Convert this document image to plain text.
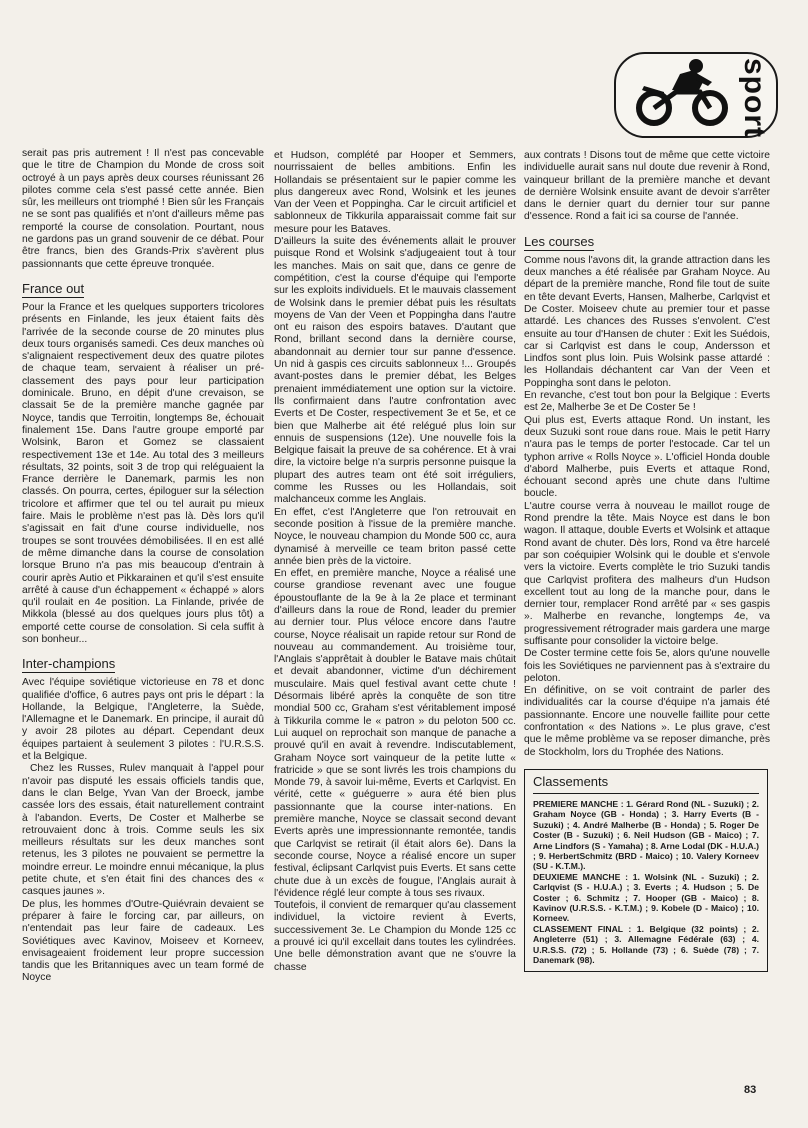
sport

serait pas pris autrement ! Il n'est pas concevable que le titre de Champion du Monde de cross soit octroyé à un pays après deux courses réunissant 26 pilotes comme cela s'est passé cette année. Bien sûr, les meilleurs ont triomphé ! Bien sûr les Français ne se sont pas qualifiés et n'ont d'ailleurs même pas remporté la course de consolation. Pourtant, nous ne gardons pas un grand souvenir de ce débat. Pour être francs, bien des Grands-Prix s'avèrent plus passionnants que cette épreuve tronquée.

France out

Pour la France et les quelques supporters tricolores présents en Finlande, les jeux étaient faits dès l'arrivée de la seconde course de 20 minutes plus deux tours organisés samedi. Ces deux manches où s'alignaient respectivement deux des quatre pilotes de chaque team, servaient à réaliser un pré-classement des pays pour leur participation dominicale. Bruno, en dépit d'une crevaison, se classait 5e de la première manche gagnée par Noyce, tandis que Terroitin, longtemps 8e, échouait finalement 15e. Dans l'autre groupe emporté par Wolsink, Baron et Gomez se classaient respectivement 13e et 14e. Au total des 3 meilleurs résultats, 32 points, soit 3 de trop qui reléguaient la France derrière le Danemark, parmis les non classés. On pourra, certes, épiloguer sur la sélection tricolore et affirmer que tel ou tel aurait pu mieux faire. Mais le problème n'est pas là. Dès lors qu'il s'agissait en fait d'une course individuelle, nos troupes se sont trouvées démobilisées. Il en est allé de même dimanche dans la course de consolation lorsque Bruno n'a pas mis beaucoup d'entrain à courir après Autio et Pikkarainen et qu'il s'est ensuite arrêté à cause d'un échappement « échappé » alors qu'il roulait en 4e position. La Finlande, privée de Mikkola (blessé au dos quelques jours plus tôt) a emporté cette course de consolation. Si cela suffit à son bonheur...

Inter-champions

Avec l'équipe soviétique victorieuse en 78 et donc qualifiée d'office, 6 autres pays ont pris le départ : la Hollande, la Belgique, l'Angleterre, la Suède, l'Allemagne et le Danemark. En principe, il aurait dû y avoir 28 pilotes au départ. Cependant deux équipes partaient à seulement 3 pilotes : l'U.R.S.S. et la Belgique.

Chez les Russes, Rulev manquait à l'appel pour n'avoir pas disputé les essais officiels tandis que, dans le clan Belge, Yvan Van der Broeck, jambe cassée lors des essais, était naturellement contraint à l'abandon. Everts, De Coster et Malherbe se retrouvaient donc à trois. Comme seuls les six meilleurs résultats sur les deux manches sont retenus, les 3 pilotes ne pouvaient se permettre la moindre erreur. Le moindre ennui mécanique, la plus petite chute, et s'en était fini des chances des « casques jaunes ».

De plus, les hommes d'Outre-Quiévrain devaient se préparer à faire le forcing car, par ailleurs, on n'entendait pas leur faire de cadeaux. Les Soviétiques avec Kavinov, Moiseev et Korneev, envisageaient froidement leur propre succession tandis que les Britanniques avec un team formé de Noyce

et Hudson, complété par Hooper et Semmers, nourrissaient de belles ambitions. Enfin les Hollandais se présentaient sur le papier comme les plus dangereux avec Rond, Wolsink et les jeunes Van der Veen et Poppingha. Car le circuit artificiel et sablonneux de Tikkurila apparaissait comme fait sur mesure pour les Bataves.

D'ailleurs la suite des événements allait le prouver puisque Rond et Wolsink s'adjugeaient tout à tour les manches. Mais on sait que, dans ce genre de compétition, c'est la course d'équipe qui l'emporte sur les exploits individuels. Et le mauvais classement de Wolsink dans le premier débat puis les résultats moyens de Van der Veen et Poppingha dans l'autre ont eu raison des espoirs bataves. D'autant que Rond, brillant second dans la dernière course, abandonnait au dernier tour sur panne d'essence. Un nid à gaspis ces circuits sablonneux !... Groupés avant-postes dans le premier débat, les Belges prenaient immédiatement une option sur la victoire. Ils confirmaient dans l'autre confrontation avec Everts et De Coster, respectivement 3e et 5e, et ce bien que Malherbe ait été relégué plus loin sur ennuis de suspensions (12e). Une nouvelle fois la Belgique faisait la preuve de sa cohérence. Et à vrai dire, la victoire belge n'a surpris personne puisque la plupart des autres team ont été soit irréguliers, comme les Russes ou les Hollandais, soit malchanceux comme les Anglais.

En effet, c'est l'Angleterre que l'on retrouvait en seconde position à l'issue de la première manche. Noyce, le nouveau champion du Monde 500 cc, aura dynamisé à merveille ce team briton passé cette année bien près de la victoire.

En effet, en première manche, Noyce a réalisé une course grandiose revenant avec une fougue époustouflante de la 9e à la 2e place et terminant d'ailleurs dans la roue de Rond, leader du premier au dernier tour. Plus véloce encore dans l'autre course, Noyce réalisait un rapide retour sur Rond de nouveau au commandement. Au troisième tour, l'Anglais s'apprêtait à doubler le Batave mais chûtait et devait abandonner, victime d'un déchirement musculaire. Mais quel festival avant cette chute ! Désormais libéré après la conquête de son titre mondial 500 cc, Graham s'est véritablement imposé à Tikkurila comme le « patron » du peloton 500 cc. Lui auquel on reprochait son manque de panache a prouvé qu'il en avait à revendre. Indiscutablement, Graham Noyce sort vainqueur de la petite lutte « fratricide » que se sont livrés les trois champions du Monde 79, à savoir lui-même, Everts et Carlqvist. En vérité, cette « guéguerre » aura été bien plus passionnante que la course inter-nations. En première manche, Noyce se classait second devant Everts après une impressionnante remontée, tandis que Carlqvist se retirait (il était alors 6e). Dans la seconde course, Noyce a réalisé encore un super festival, éclipsant Carlqvist puis Everts. Et sans cette chute due à un excès de fougue, l'Anglais aurait à l'évidence réglé leur compte à tous ses rivaux.

Toutefois, il convient de remarquer qu'au classement individuel, la victoire revient à Everts, successivement 3e. Le Champion du Monde 125 cc a prouvé ici qu'il excellait dans toutes les cylindrées. Une belle démonstration avant que ne s'ouvre la chasse

aux contrats ! Disons tout de même que cette victoire individuelle aurait sans nul doute due revenir à Rond, vainqueur brillant de la première manche et devant de dernière Wolsink ensuite avant de devoir s'arrêter dans le dernier quart du dernier tour sur panne d'essence. Rond a fait ici sa course de l'année.

Les courses

Comme nous l'avons dit, la grande attraction dans les deux manches a été réalisée par Graham Noyce. Au départ de la première manche, Rond file tout de suite en tête devant Everts, Hansen, Malherbe, Carlqvist et De Coster. Moiseev chute au premier tour et passe attardé. Les chances des Russes s'envolent. C'est ensuite au tour d'Hansen de chuter : Exit les Suédois, car si Carlqvist est dans le coup, Andersson et Lindfos sont plus loin. Puis Wolsink passe attardé : les Hollandais déchantent car Van der Veen et Poppingha sont dans le peloton.

En revanche, c'est tout bon pour la Belgique : Everts est 2e, Malherbe 3e et De Coster 5e !

Qui plus est, Everts attaque Rond. Un instant, les deux Suzuki sont roue dans roue. Mais le petit Harry n'aura pas le temps de porter l'estocade. Car tel un typhon arrive « Rolls Noyce ». L'officiel Honda double d'abord Malherbe, puis Everts et attaque Rond, échouant second après une chute dans l'ultime boucle.

L'autre course verra à nouveau le maillot rouge de Rond prendre la tête. Mais Noyce est dans le bon wagon. Il attaque, double Everts et Wolsink et attaque Rond avant de chuter. Dès lors, Rond va être harcelé par son coéquipier Wolsink qui le double et s'envole vers la victoire. Everts complète le trio Suzuki tandis que Carlqvist profitera des malheurs d'un Hudson excellent tout au long de la manche pour, dans le dernier tour, remplacer Rond arrêté par « ses gaspis ». Malherbe en revanche, longtemps 4e, va progressivement rétrograder mais gardera une marge suffisante pour consolider la victoire belge.

De Coster termine cette fois 5e, alors qu'une nouvelle fois les Soviétiques ne parviennent pas à s'extraire du peloton.

En définitive, on se voit contraint de parler des individualités car la course d'équipe n'a jamais été passionnante. Encore une nouvelle faillite pour cette confrontation « des Nations ». Le plus grave, c'est que le même problème va se reposer dimanche, près de Stockholm, lors du Trophée des Nations.

Classements

PREMIERE MANCHE : 1. Gérard Rond (NL - Suzuki) ; 2. Graham Noyce (GB - Honda) ; 3. Harry Everts (B - Suzuki) ; 4. André Malherbe (B - Honda) ; 5. Roger De Coster (B - Suzuki) ; 6. Neil Hudson (GB - Maico) ; 7. Arne Lindfors (S - Yamaha) ; 8. Arne Lodal (DK - H.U.A.) ; 9. HerbertSchmitz (BRD - Maico) ; 10. Valery Korneev (SU - K.T.M.).

DEUXIEME MANCHE : 1. Wolsink (NL - Suzuki) ; 2. Carlqvist (S - H.U.A.) ; 3. Everts ; 4. Hudson ; 5. De Coster ; 6. Schmitz ; 7. Hooper (GB - Maico) ; 8. Kavinov (U.R.S.S. - K.T.M.) ; 9. Kobele (D - Maico) ; 10. Korneev.

CLASSEMENT FINAL : 1. Belgique (32 points) ; 2. Angleterre (51) ; 3. Allemagne Fédérale (63) ; 4. U.R.S.S. (72) ; 5. Hollande (73) ; 6. Suède (78) ; 7. Danemark (98).

83
